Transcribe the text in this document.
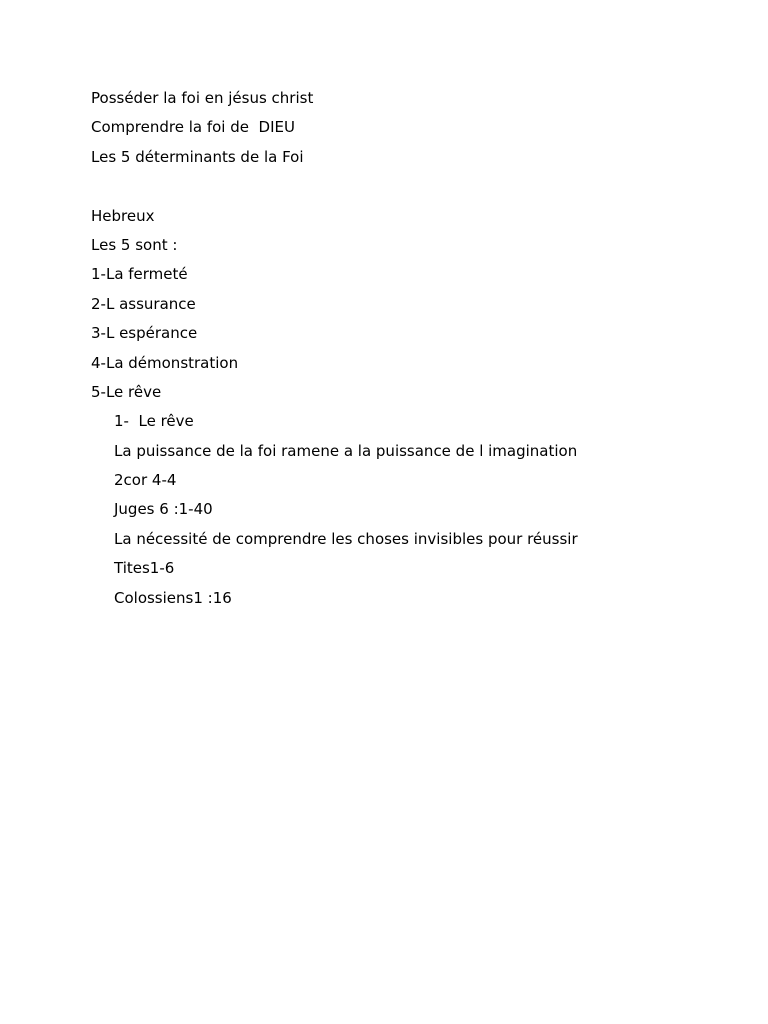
Posséder la foi en jésus christ
Comprendre la foi de  DIEU
Les 5 déterminants de la Foi
Hebreux
Les 5 sont :
1-La fermeté
2-L assurance
3-L espérance
4-La démonstration
5-Le rêve
1-  Le rêve
La puissance de la foi ramene a la puissance de l imagination
2cor 4-4
Juges 6 :1-40
La nécessité de comprendre les choses invisibles pour réussir
Tites1-6
Colossiens1 :16
